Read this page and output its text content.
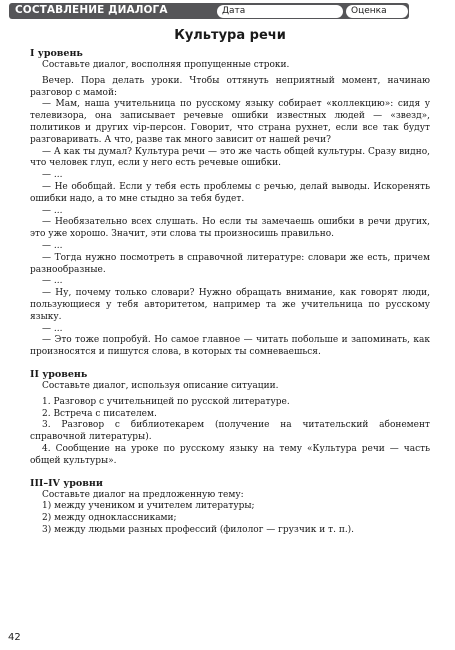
СОСТАВЛЕНИЕ ДИАЛОГА	Дата	Оценка
Культура речи
I уровень

Составьте диалог, восполняя пропущенные строки.

Вечер. Пора делать уроки. Чтобы оттянуть неприятный момент, начинаю разговор с мамой:

— Мам, наша учительница по русскому языку собирает «коллекцию»: сидя у телевизора, она записывает речевые ошибки известных людей — «звезд», политиков и других vip-персон. Говорит, что страна рухнет, если все так будут разговаривать. А что, разве так много зависит от нашей речи?

— А как ты думал? Культура речи — это же часть общей культуры. Сразу видно, что человек глуп, если у него есть речевые ошибки.

— ...

— Не обобщай. Если у тебя есть проблемы с речью, делай выводы. Искоренять ошибки надо, а то мне стыдно за тебя будет.

— ...

— Необязательно всех слушать. Но если ты замечаешь ошибки в речи других, это уже хорошо. Значит, эти слова ты произносишь правильно.

— ...

— Тогда нужно посмотреть в справочной литературе: словари же есть, причем разнообразные.

— ...

— Ну, почему только словари? Нужно обращать внимание, как говорят люди, пользующиеся у тебя авторитетом, например та же учительница по русскому языку.

— ...

— Это тоже попробуй. Но самое главное — читать побольше и запоминать, как произносятся и пишутся слова, в которых ты сомневаешься.

II уровень

Составьте диалог, используя описание ситуации.

1. Разговор с учительницей по русской литературе.

2. Встреча с писателем.

3. Разговор с библиотекарем (получение на читательский абонемент справочной литературы).

4. Сообщение на уроке по русскому языку на тему «Культура речи — часть общей культуры».

III–IV уровни

Составьте диалог на предложенную тему:

1) между учеником и учителем литературы;

2) между одноклассниками;

3) между людьми разных профессий (филолог — грузчик и т. п.).

42
